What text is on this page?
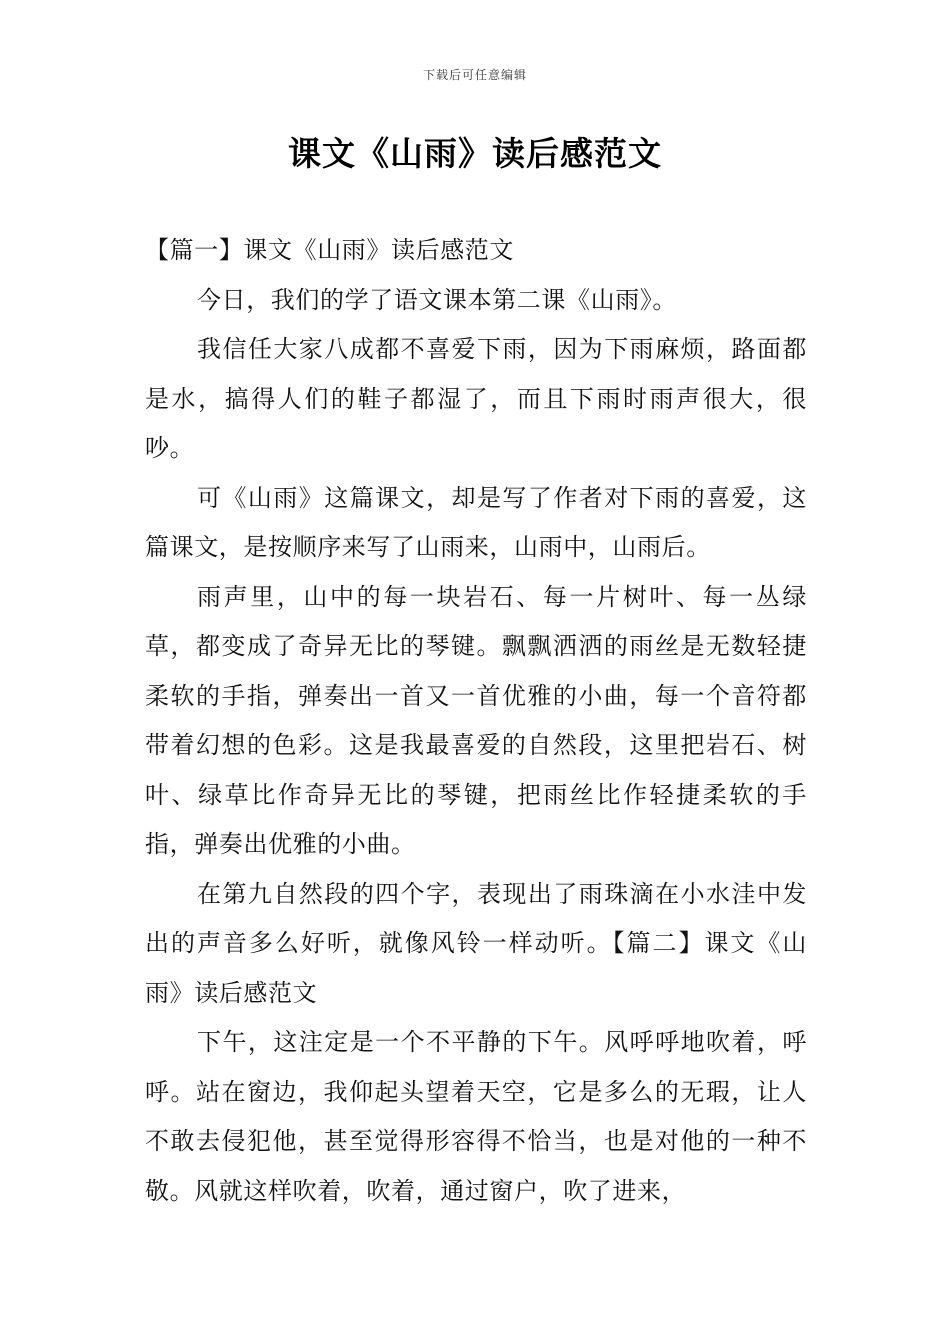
下载后可任意编辑
课文《山雨》读后感范文

【篇一】课文《山雨》读后感范文

今日，我们的学了语文课本第二课《山雨》。

我信任大家八成都不喜爱下雨，因为下雨麻烦，路面都是水，搞得人们的鞋子都湿了，而且下雨时雨声很大，很吵。

可《山雨》这篇课文，却是写了作者对下雨的喜爱，这篇课文，是按顺序来写了山雨来，山雨中，山雨后。

雨声里，山中的每一块岩石、每一片树叶、每一丛绿草，都变成了奇异无比的琴键。飘飘洒洒的雨丝是无数轻捷柔软的手指，弹奏出一首又一首优雅的小曲，每一个音符都带着幻想的色彩。这是我最喜爱的自然段，这里把岩石、树叶、绿草比作奇异无比的琴键，把雨丝比作轻捷柔软的手指，弹奏出优雅的小曲。

在第九自然段的四个字，表现出了雨珠滴在小水洼中发出的声音多么好听，就像风铃一样动听。【篇二】课文《山雨》读后感范文

下午，这注定是一个不平静的下午。风呼呼地吹着，呼呼。站在窗边，我仰起头望着天空，它是多么的无瑕，让人不敢去侵犯他，甚至觉得形容得不恰当，也是对他的一种不敬。风就这样吹着，吹着，通过窗户，吹了进来，
